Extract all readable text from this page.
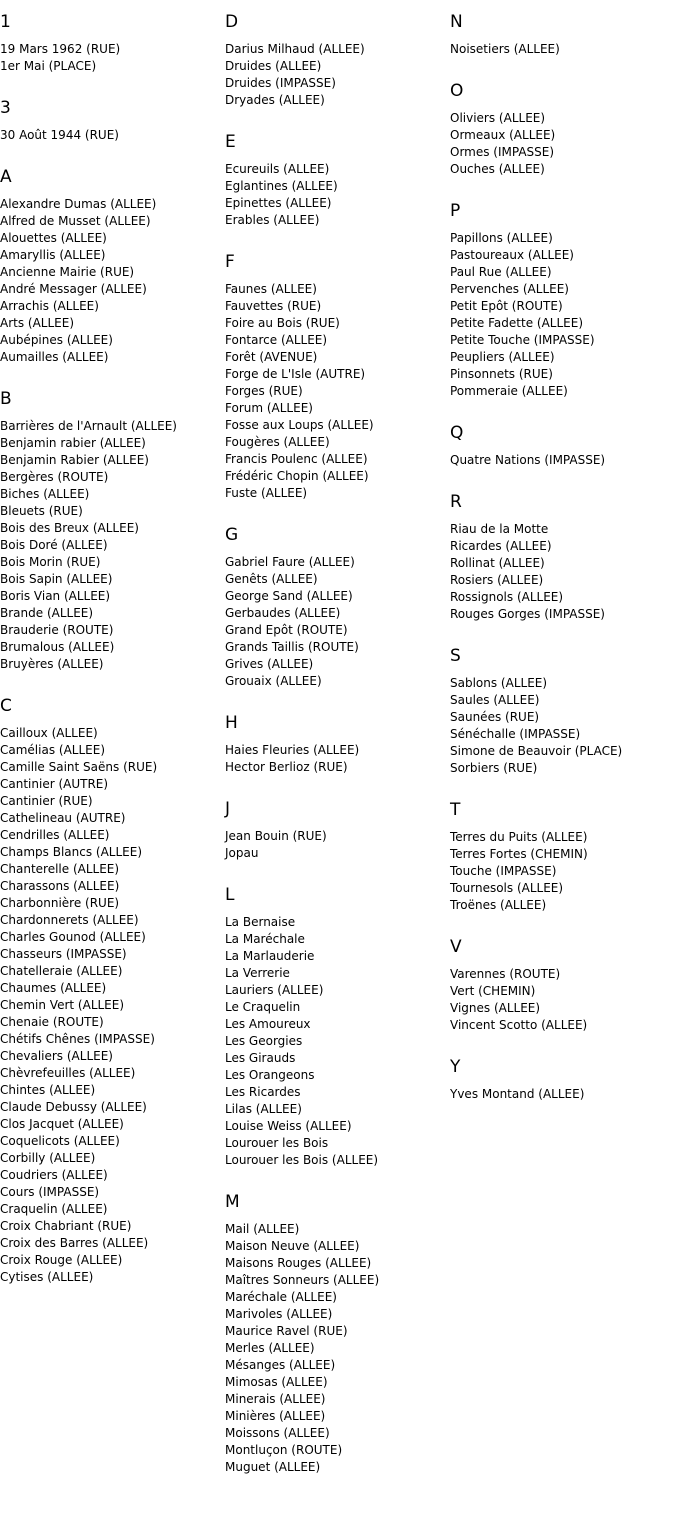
1
19 Mars 1962 (RUE)
1er Mai (PLACE)
3
30 Août 1944 (RUE)
A
Alexandre Dumas (ALLEE)
Alfred de Musset (ALLEE)
Alouettes (ALLEE)
Amaryllis (ALLEE)
Ancienne Mairie (RUE)
André Messager (ALLEE)
Arrachis (ALLEE)
Arts (ALLEE)
Aubépines (ALLEE)
Aumailles (ALLEE)
B
Barrières de l'Arnault (ALLEE)
Benjamin rabier (ALLEE)
Benjamin Rabier (ALLEE)
Bergères (ROUTE)
Biches (ALLEE)
Bleuets (RUE)
Bois des Breux (ALLEE)
Bois Doré (ALLEE)
Bois Morin (RUE)
Bois Sapin (ALLEE)
Boris Vian (ALLEE)
Brande (ALLEE)
Brauderie (ROUTE)
Brumalous (ALLEE)
Bruyères (ALLEE)
C
Cailloux (ALLEE)
Camélias (ALLEE)
Camille Saint Saëns (RUE)
Cantinier (AUTRE)
Cantinier (RUE)
Cathelineau (AUTRE)
Cendrilles (ALLEE)
Champs Blancs (ALLEE)
Chanterelle (ALLEE)
Charassons (ALLEE)
Charbonnière (RUE)
Chardonnerets (ALLEE)
Charles Gounod (ALLEE)
Chasseurs (IMPASSE)
Chatelleraie (ALLEE)
Chaumes (ALLEE)
Chemin Vert (ALLEE)
Chenaie (ROUTE)
Chétifs Chênes (IMPASSE)
Chevaliers (ALLEE)
Chèvrefeuilles (ALLEE)
Chintes (ALLEE)
Claude Debussy (ALLEE)
Clos Jacquet (ALLEE)
Coquelicots (ALLEE)
Corbilly (ALLEE)
Coudriers (ALLEE)
Cours (IMPASSE)
Craquelin (ALLEE)
Croix Chabriant (RUE)
Croix des Barres (ALLEE)
Croix Rouge (ALLEE)
Cytises (ALLEE)
D
Darius Milhaud (ALLEE)
Druides (ALLEE)
Druides (IMPASSE)
Dryades (ALLEE)
E
Ecureuils (ALLEE)
Eglantines (ALLEE)
Epinettes (ALLEE)
Erables (ALLEE)
F
Faunes (ALLEE)
Fauvettes (RUE)
Foire au Bois (RUE)
Fontarce (ALLEE)
Forêt (AVENUE)
Forge de L'Isle (AUTRE)
Forges (RUE)
Forum (ALLEE)
Fosse aux Loups (ALLEE)
Fougères (ALLEE)
Francis Poulenc (ALLEE)
Frédéric Chopin (ALLEE)
Fuste (ALLEE)
G
Gabriel Faure (ALLEE)
Genêts (ALLEE)
George Sand (ALLEE)
Gerbaudes (ALLEE)
Grand Epôt (ROUTE)
Grands Taillis (ROUTE)
Grives (ALLEE)
Grouaix (ALLEE)
H
Haies Fleuries (ALLEE)
Hector Berlioz (RUE)
J
Jean Bouin (RUE)
Jopau
L
La Bernaise
La Maréchale
La Marlauderie
La Verrerie
Lauriers (ALLEE)
Le Craquelin
Les Amoureux
Les Georgies
Les Girauds
Les Orangeons
Les Ricardes
Lilas (ALLEE)
Louise Weiss (ALLEE)
Lourouer les Bois
Lourouer les Bois (ALLEE)
M
Mail (ALLEE)
Maison Neuve (ALLEE)
Maisons Rouges (ALLEE)
Maîtres Sonneurs (ALLEE)
Maréchale (ALLEE)
Marivoles (ALLEE)
Maurice Ravel (RUE)
Merles (ALLEE)
Mésanges (ALLEE)
Mimosas (ALLEE)
Minerais (ALLEE)
Minières (ALLEE)
Moissons (ALLEE)
Montluçon (ROUTE)
Muguet (ALLEE)
N
Noisetiers (ALLEE)
O
Oliviers (ALLEE)
Ormeaux (ALLEE)
Ormes (IMPASSE)
Ouches (ALLEE)
P
Papillons (ALLEE)
Pastoureaux (ALLEE)
Paul Rue (ALLEE)
Pervenches (ALLEE)
Petit Epôt (ROUTE)
Petite Fadette (ALLEE)
Petite Touche (IMPASSE)
Peupliers (ALLEE)
Pinsonnets (RUE)
Pommeraie (ALLEE)
Q
Quatre Nations (IMPASSE)
R
Riau de la Motte
Ricardes (ALLEE)
Rollinat (ALLEE)
Rosiers (ALLEE)
Rossignols (ALLEE)
Rouges Gorges (IMPASSE)
S
Sablons (ALLEE)
Saules (ALLEE)
Saunées (RUE)
Sénéchalle (IMPASSE)
Simone de Beauvoir (PLACE)
Sorbiers (RUE)
T
Terres du Puits (ALLEE)
Terres Fortes (CHEMIN)
Touche (IMPASSE)
Tournesols (ALLEE)
Troënes (ALLEE)
V
Varennes (ROUTE)
Vert (CHEMIN)
Vignes (ALLEE)
Vincent Scotto (ALLEE)
Y
Yves Montand (ALLEE)
